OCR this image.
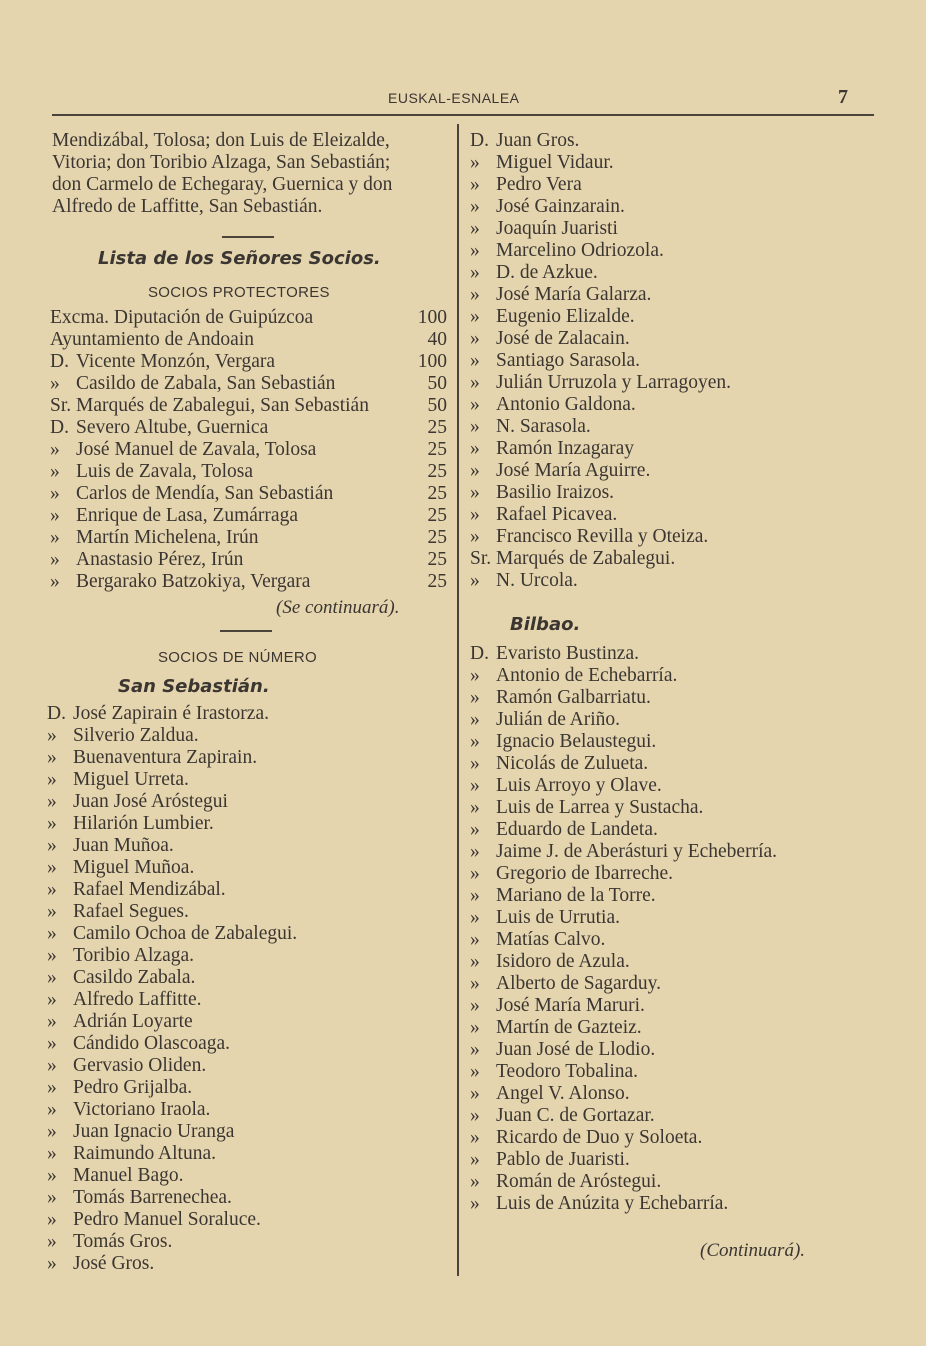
EUSKAL-ESNALEA	7
Mendizábal, Tolosa; don Luis de Eleizalde,
Vitoria; don Toribio Alzaga, San Sebastián;
don Carmelo de Echegaray, Guernica y don
Alfredo de Laffitte, San Sebastián.
Lista de los Señores Socios.
SOCIOS PROTECTORES
Excma. Diputación de Guipúzcoa	100
Ayuntamiento de Andoain	40
D. Vicente Monzón, Vergara	100
» Casildo de Zabala, San Sebastián	50
Sr. Marqués de Zabalegui, San Sebastián	50
D. Severo Altube, Guernica	25
» José Manuel de Zavala, Tolosa	25
» Luis de Zavala, Tolosa	25
» Carlos de Mendía, San Sebastián	25
» Enrique de Lasa, Zumárraga	25
» Martín Michelena, Irún	25
» Anastasio Pérez, Irún	25
» Bergarako Batzokiya, Vergara	25
(Se continuará).
SOCIOS DE NÚMERO
San Sebastián.
D. José Zapirain é Irastorza.
» Silverio Zaldua.
» Buenaventura Zapirain.
» Miguel Urreta.
» Juan José Aróstegui
» Hilarión Lumbier.
» Juan Muñoa.
» Miguel Muñoa.
» Rafael Mendizábal.
» Rafael Segues.
» Camilo Ochoa de Zabalegui.
» Toribio Alzaga.
» Casildo Zabala.
» Alfredo Laffitte.
» Adrián Loyarte
» Cándido Olascoaga.
» Gervasio Oliden.
» Pedro Grijalba.
» Victoriano Iraola.
» Juan Ignacio Uranga
» Raimundo Altuna.
» Manuel Bago.
» Tomás Barrenechea.
» Pedro Manuel Soraluce.
» Tomás Gros.
» José Gros.
D. Juan Gros.
» Miguel Vidaur.
» Pedro Vera
» José Gainzarain.
» Joaquín Juaristi
» Marcelino Odriozola.
» D. de Azkue.
» José María Galarza.
» Eugenio Elizalde.
» José de Zalacain.
» Santiago Sarasola.
» Julián Urruzola y Larragoyen.
» Antonio Galdona.
» N. Sarasola.
» Ramón Inzagaray
» José María Aguirre.
» Basilio Iraizos.
» Rafael Picavea.
» Francisco Revilla y Oteiza.
Sr. Marqués de Zabalegui.
» N. Urcola.
Bilbao.
D. Evaristo Bustinza.
» Antonio de Echebarría.
» Ramón Galbarriatu.
» Julián de Ariño.
» Ignacio Belaustegui.
» Nicolás de Zulueta.
» Luis Arroyo y Olave.
» Luis de Larrea y Sustacha.
» Eduardo de Landeta.
» Jaime J. de Aberásturi y Echeberría.
» Gregorio de Ibarreche.
» Mariano de la Torre.
» Luis de Urrutia.
» Matías Calvo.
» Isidoro de Azula.
» Alberto de Sagarduy.
» José María Maruri.
» Martín de Gazteiz.
» Juan José de Llodio.
» Teodoro Tobalina.
» Angel V. Alonso.
» Juan C. de Gortazar.
» Ricardo de Duo y Soloeta.
» Pablo de Juaristi.
» Román de Aróstegui.
» Luis de Anúzita y Echebarría.
(Continuará).
